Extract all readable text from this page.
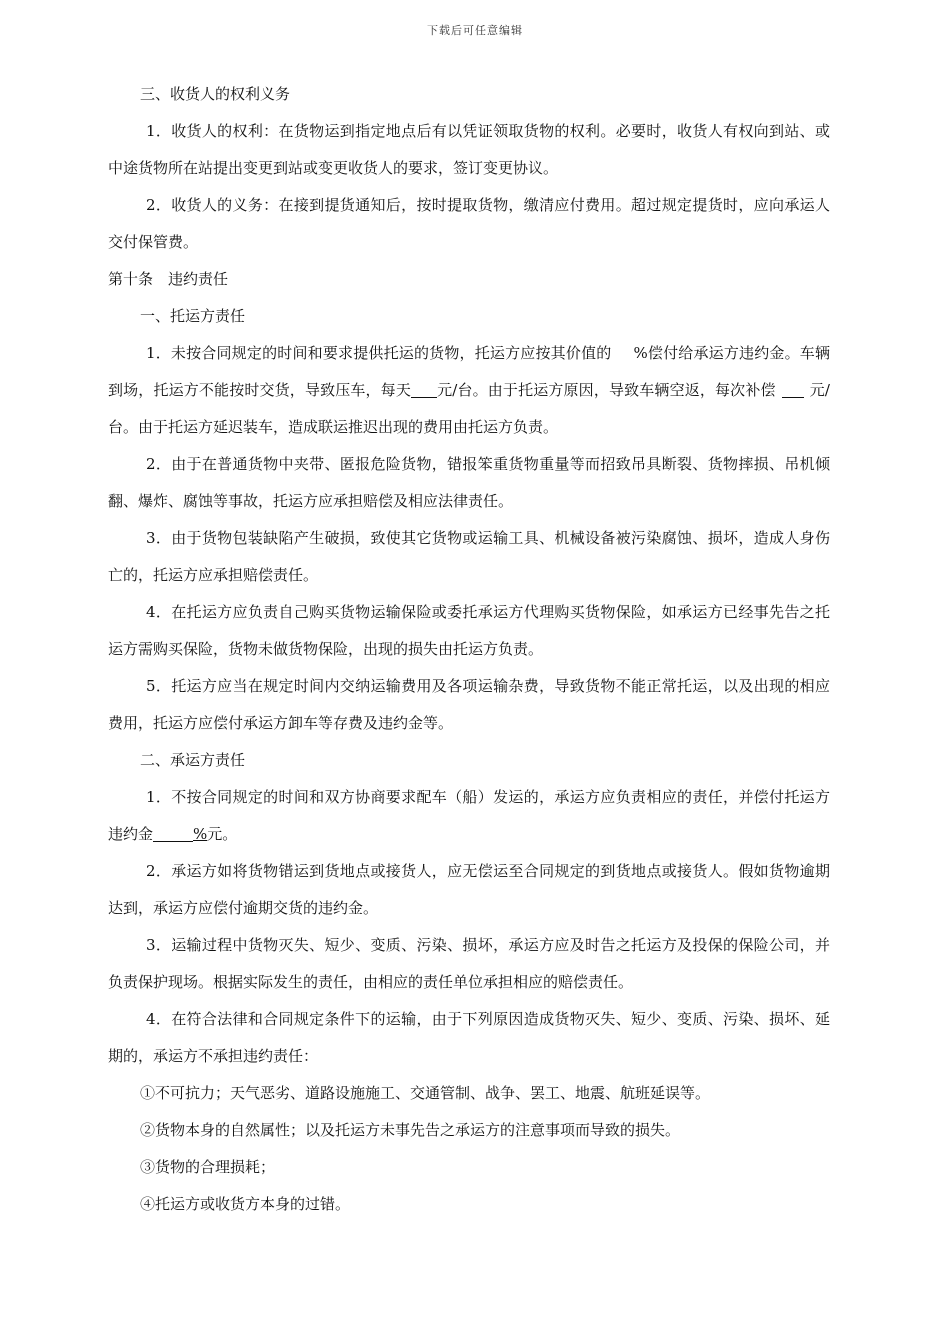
下载后可任意编辑

三、收货人的权利义务

1．收货人的权利：在货物运到指定地点后有以凭证领取货物的权利。必要时，收货人有权向到站、或中途货物所在站提出变更到站或变更收货人的要求，签订变更协议。

2．收货人的义务：在接到提货通知后，按时提取货物，缴清应付费用。超过规定提货时，应向承运人交付保管费。

第十条　违约责任

一、托运方责任

1．未按合同规定的时间和要求提供托运的货物，托运方应按其价值的 %偿付给承运方违约金。车辆到场，托运方不能按时交货，导致压车，每天 元/台。由于托运方原因，导致车辆空返，每次补偿 元/台。由于托运方延迟装车，造成联运推迟出现的费用由托运方负责。

2．由于在普通货物中夹带、匿报危险货物，错报笨重货物重量等而招致吊具断裂、货物摔损、吊机倾翻、爆炸、腐蚀等事故，托运方应承担赔偿及相应法律责任。

3．由于货物包装缺陷产生破损，致使其它货物或运输工具、机械设备被污染腐蚀、损坏，造成人身伤亡的，托运方应承担赔偿责任。

4．在托运方应负责自己购买货物运输保险或委托承运方代理购买货物保险，如承运方已经事先告之托运方需购买保险，货物未做货物保险，出现的损失由托运方负责。

5．托运方应当在规定时间内交纳运输费用及各项运输杂费，导致货物不能正常托运，以及出现的相应费用，托运方应偿付承运方卸车等存费及违约金等。

二、承运方责任

1．不按合同规定的时间和双方协商要求配车（船）发运的，承运方应负责相应的责任，并偿付托运方违约金	%元。

2．承运方如将货物错运到货地点或接货人，应无偿运至合同规定的到货地点或接货人。假如货物逾期达到，承运方应偿付逾期交货的违约金。

3．运输过程中货物灭失、短少、变质、污染、损坏，承运方应及时告之托运方及投保的保险公司，并负责保护现场。根据实际发生的责任，由相应的责任单位承担相应的赔偿责任。

4．在符合法律和合同规定条件下的运输，由于下列原因造成货物灭失、短少、变质、污染、损坏、延期的，承运方不承担违约责任：

①不可抗力；天气恶劣、道路设施施工、交通管制、战争、罢工、地震、航班延误等。

②货物本身的自然属性；以及托运方未事先告之承运方的注意事项而导致的损失。

③货物的合理损耗；

④托运方或收货方本身的过错。
